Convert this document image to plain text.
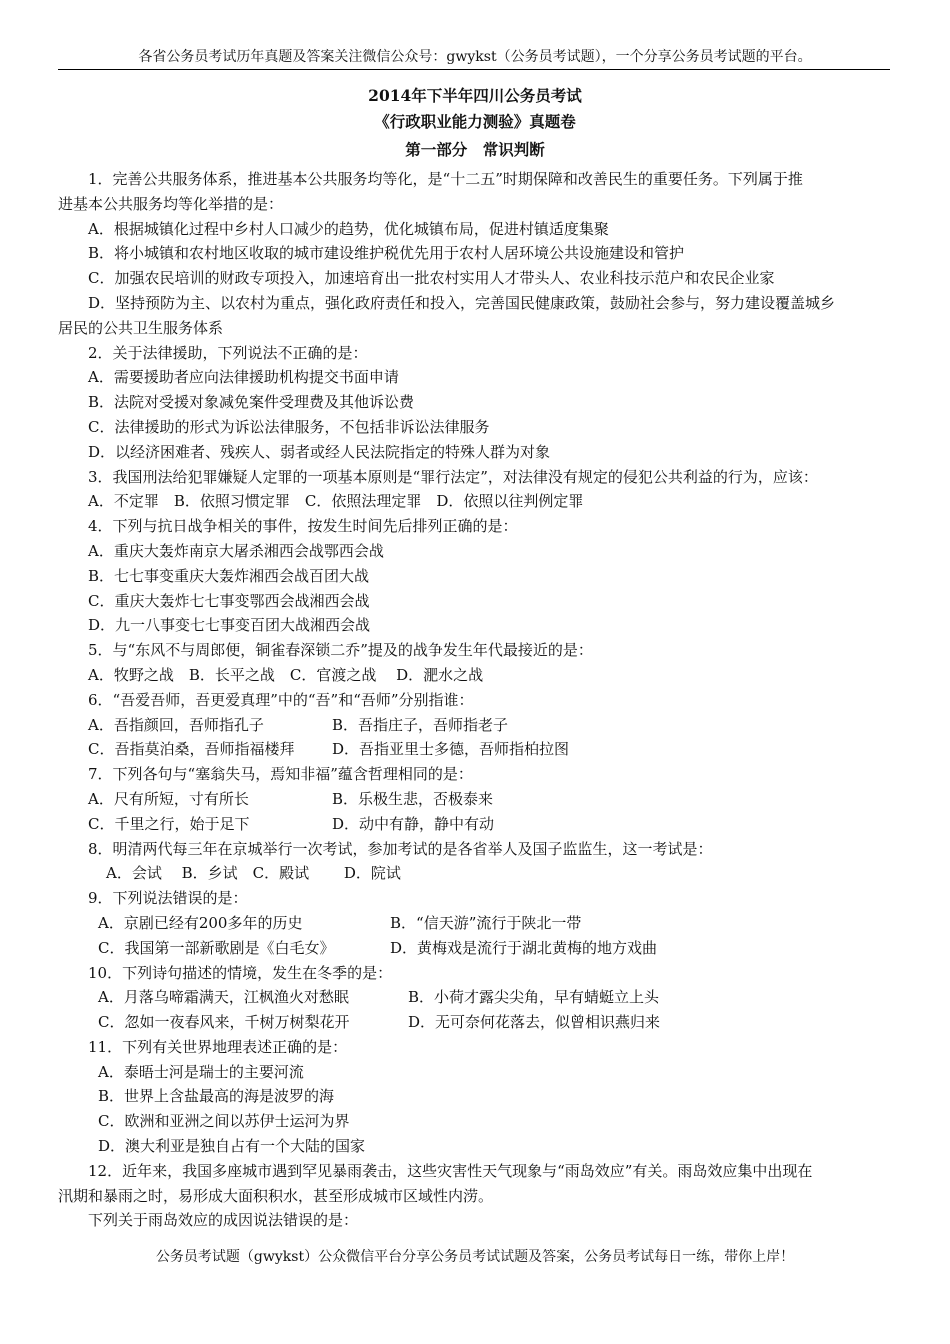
各省公务员考试历年真题及答案关注微信公众号：gwykst（公务员考试题），一个分享公务员考试题的平台。
2014年下半年四川公务员考试
《行政职业能力测验》真题卷
第一部分　常识判断
1．完善公共服务体系，推进基本公共服务均等化，是“十二五”时期保障和改善民生的重要任务。下列属于推
进基本公共服务均等化举措的是：
A．根据城镇化过程中乡村人口减少的趋势，优化城镇布局，促进村镇适度集聚
B．将小城镇和农村地区收取的城市建设维护税优先用于农村人居环境公共设施建设和管护
C．加强农民培训的财政专项投入，加速培育出一批农村实用人才带头人、农业科技示范户和农民企业家
D．坚持预防为主、以农村为重点，强化政府责任和投入，完善国民健康政策，鼓励社会参与，努力建设覆盖城乡
居民的公共卫生服务体系
2．关于法律援助，下列说法不正确的是：
A．需要援助者应向法律援助机构提交书面申请
B．法院对受援对象减免案件受理费及其他诉讼费
C．法律援助的形式为诉讼法律服务，不包括非诉讼法律服务
D．以经济困难者、残疾人、弱者或经人民法院指定的特殊人群为对象
3．我国刑法给犯罪嫌疑人定罪的一项基本原则是“罪行法定”，对法律没有规定的侵犯公共利益的行为，应该：
A．不定罪　B．依照习惯定罪　C．依照法理定罪　D．依照以往判例定罪
4．下列与抗日战争相关的事件，按发生时间先后排列正确的是：
A．重庆大轰炸南京大屠杀湘西会战鄂西会战
B．七七事变重庆大轰炸湘西会战百团大战
C．重庆大轰炸七七事变鄂西会战湘西会战
D．九一八事变七七事变百团大战湘西会战
5．与“东风不与周郎便，铜雀春深锁二乔”提及的战争发生年代最接近的是：
A．牧野之战　B．长平之战　C．官渡之战　 D．淝水之战
6．“吾爱吾师，吾更爱真理”中的“吾”和“吾师”分别指谁：
A．吾指颜回，吾师指孔子	B．吾指庄子，吾师指老子
C．吾指莫泊桑，吾师指福楼拜	D．吾指亚里士多德，吾师指柏拉图
7．下列各句与“塞翁失马，焉知非福”蕴含哲理相同的是：
A．尺有所短，寸有所长	B．乐极生悲，否极泰来
C．千里之行，始于足下	D．动中有静，静中有动
8．明清两代每三年在京城举行一次考试，参加考试的是各省举人及国子监监生，这一考试是：
A．会试　 B．乡试　C．殿试　　 D．院试
9．下列说法错误的是：
A．京剧已经有200多年的历史	B．“信天游”流行于陕北一带
C．我国第一部新歌剧是《白毛女》	D．黄梅戏是流行于湖北黄梅的地方戏曲
10．下列诗句描述的情境，发生在冬季的是：
A．月落乌啼霜满天，江枫渔火对愁眠	B．小荷才露尖尖角，早有蜻蜓立上头
C．忽如一夜春风来，千树万树梨花开	D．无可奈何花落去，似曾相识燕归来
11．下列有关世界地理表述正确的是：
A．泰晤士河是瑞士的主要河流
B．世界上含盐最高的海是波罗的海
C．欧洲和亚洲之间以苏伊士运河为界
D．澳大利亚是独自占有一个大陆的国家
12．近年来，我国多座城市遇到罕见暴雨袭击，这些灾害性天气现象与“雨岛效应”有关。雨岛效应集中出现在
汛期和暴雨之时，易形成大面积积水，甚至形成城市区域性内涝。
下列关于雨岛效应的成因说法错误的是：
公务员考试题（gwykst）公众微信平台分享公务员考试试题及答案，公务员考试每日一练，带你上岸！
